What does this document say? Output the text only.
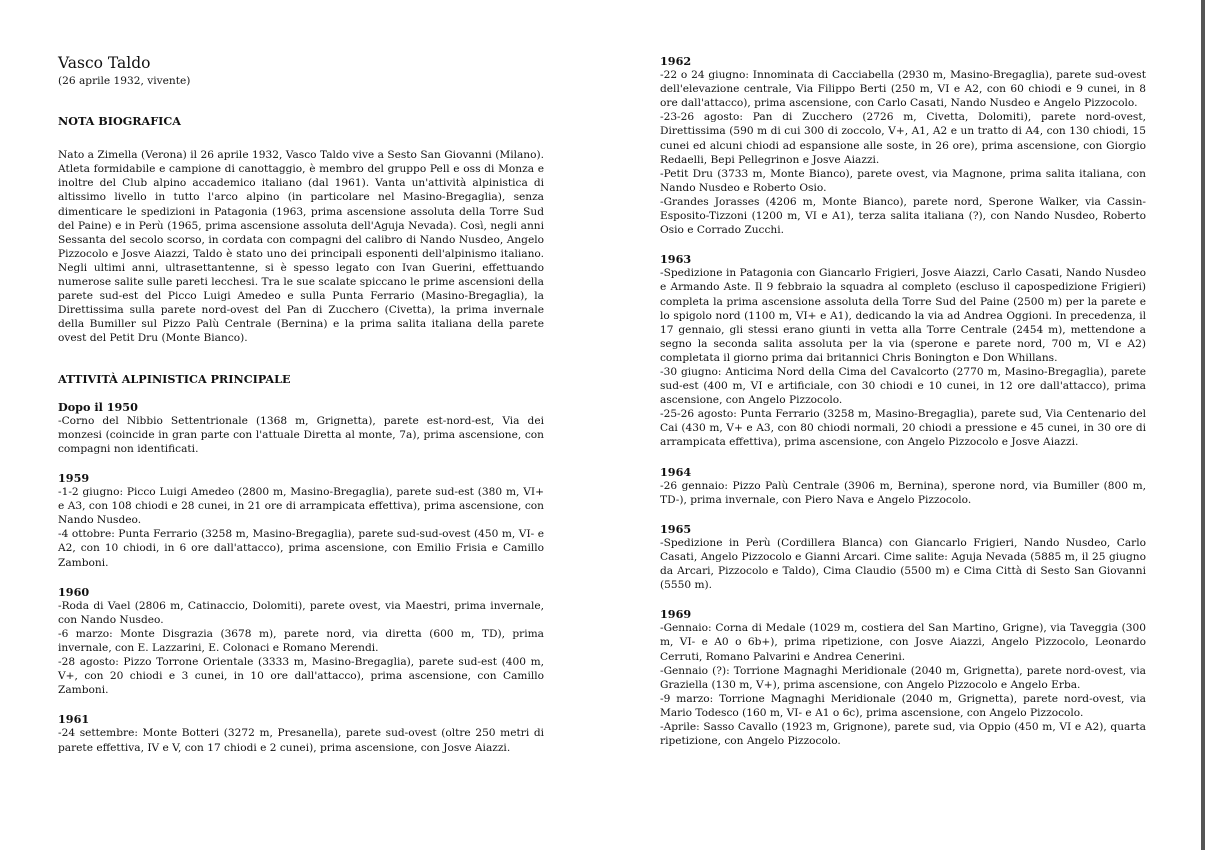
Vasco Taldo

(26 aprile 1932, vivente)

NOTA BIOGRAFICA

Nato a Zimella (Verona) il 26 aprile 1932, Vasco Taldo vive a Sesto San Giovanni (Milano). Atleta formidabile e campione di canottaggio, è membro del gruppo Pell e oss di Monza e inoltre del Club alpino accademico italiano (dal 1961). Vanta un'attività alpinistica di altissimo livello in tutto l'arco alpino (in particolare nel Masino-Bregaglia), senza dimenticare le spedizioni in Patagonia (1963, prima ascensione assoluta della Torre Sud del Paine) e in Perù (1965, prima ascensione assoluta dell'Aguja Nevada). Così, negli anni Sessanta del secolo scorso, in cordata con compagni del calibro di Nando Nusdeo, Angelo Pizzocolo e Josve Aiazzi, Taldo è stato uno dei principali esponenti dell'alpinismo italiano. Negli ultimi anni, ultrasettantenne, si è spesso legato con Ivan Guerini, effettuando numerose salite sulle pareti lecchesi. Tra le sue scalate spiccano le prime ascensioni della parete sud-est del Picco Luigi Amedeo e sulla Punta Ferrario (Masino-Bregaglia), la Direttissima sulla parete nord-ovest del Pan di Zucchero (Civetta), la prima invernale della Bumiller sul Pizzo Palù Centrale (Bernina) e la prima salita italiana della parete ovest del Petit Dru (Monte Bianco).

ATTIVITÀ ALPINISTICA PRINCIPALE

Dopo il 1950

-Corno del Nibbio Settentrionale (1368 m, Grignetta), parete est-nord-est, Via dei monzesi (coincide in gran parte con l'attuale Diretta al monte, 7a), prima ascensione, con compagni non identificati.

1959

-1-2 giugno: Picco Luigi Amedeo (2800 m, Masino-Bregaglia), parete sud-est (380 m, VI+ e A3, con 108 chiodi e 28 cunei, in 21 ore di arrampicata effettiva), prima ascensione, con Nando Nusdeo.

-4 ottobre: Punta Ferrario (3258 m, Masino-Bregaglia), parete sud-sud-ovest (450 m, VI- e A2, con 10 chiodi, in 6 ore dall'attacco), prima ascensione, con Emilio Frisia e Camillo Zamboni.

1960

-Roda di Vael (2806 m, Catinaccio, Dolomiti), parete ovest, via Maestri, prima invernale, con Nando Nusdeo.

-6 marzo: Monte Disgrazia (3678 m), parete nord, via diretta (600 m, TD), prima invernale, con E. Lazzarini, E. Colonaci e Romano Merendi.

-28 agosto: Pizzo Torrone Orientale (3333 m, Masino-Bregaglia), parete sud-est (400 m, V+, con 20 chiodi e 3 cunei, in 10 ore dall'attacco), prima ascensione, con Camillo Zamboni.

1961

-24 settembre: Monte Botteri (3272 m, Presanella), parete sud-ovest (oltre 250 metri di parete effettiva, IV e V, con 17 chiodi e 2 cunei), prima ascensione, con Josve Aiazzi.

1962

-22 o 24 giugno: Innominata di Cacciabella (2930 m, Masino-Bregaglia), parete sud-ovest dell'elevazione centrale, Via Filippo Berti (250 m, VI e A2, con 60 chiodi e 9 cunei, in 8 ore dall'attacco), prima ascensione, con Carlo Casati, Nando Nusdeo e Angelo Pizzocolo.

-23-26 agosto: Pan di Zucchero (2726 m, Civetta, Dolomiti), parete nord-ovest, Direttissima (590 m di cui 300 di zoccolo, V+, A1, A2 e un tratto di A4, con 130 chiodi, 15 cunei ed alcuni chiodi ad espansione alle soste, in 26 ore), prima ascensione, con Giorgio Redaelli, Bepi Pellegrinon e Josve Aiazzi.

-Petit Dru (3733 m, Monte Bianco), parete ovest, via Magnone, prima salita italiana, con Nando Nusdeo e Roberto Osio.

-Grandes Jorasses (4206 m, Monte Bianco), parete nord, Sperone Walker, via Cassin-Esposito-Tizzoni (1200 m, VI e A1), terza salita italiana (?), con Nando Nusdeo, Roberto Osio e Corrado Zucchi.

1963

-Spedizione in Patagonia con Giancarlo Frigieri, Josve Aiazzi, Carlo Casati, Nando Nusdeo e Armando Aste. Il 9 febbraio la squadra al completo (escluso il capospedizione Frigieri) completa la prima ascensione assoluta della Torre Sud del Paine (2500 m) per la parete e lo spigolo nord (1100 m, VI+ e A1), dedicando la via ad Andrea Oggioni. In precedenza, il 17 gennaio, gli stessi erano giunti in vetta alla Torre Centrale (2454 m), mettendone a segno la seconda salita assoluta per la via (sperone e parete nord, 700 m, VI e A2) completata il giorno prima dai britannici Chris Bonington e Don Whillans.

-30 giugno: Anticima Nord della Cima del Cavalcorto (2770 m, Masino-Bregaglia), parete sud-est (400 m, VI e artificiale, con 30 chiodi e 10 cunei, in 12 ore dall'attacco), prima ascensione, con Angelo Pizzocolo.

-25-26 agosto: Punta Ferrario (3258 m, Masino-Bregaglia), parete sud, Via Centenario del Cai (430 m, V+ e A3, con 80 chiodi normali, 20 chiodi a pressione e 45 cunei, in 30 ore di arrampicata effettiva), prima ascensione, con Angelo Pizzocolo e Josve Aiazzi.

1964

-26 gennaio: Pizzo Palù Centrale (3906 m, Bernina), sperone nord, via Bumiller (800 m, TD-), prima invernale, con Piero Nava e Angelo Pizzocolo.

1965

-Spedizione in Perù (Cordillera Blanca) con Giancarlo Frigieri, Nando Nusdeo, Carlo Casati, Angelo Pizzocolo e Gianni Arcari. Cime salite: Aguja Nevada (5885 m, il 25 giugno da Arcari, Pizzocolo e Taldo), Cima Claudio (5500 m) e Cima Città di Sesto San Giovanni (5550 m).

1969

-Gennaio: Corna di Medale (1029 m, costiera del San Martino, Grigne), via Taveggia (300 m, VI- e A0 o 6b+), prima ripetizione, con Josve Aiazzi, Angelo Pizzocolo, Leonardo Cerruti, Romano Palvarini e Andrea Cenerini.

-Gennaio (?): Torrione Magnaghi Meridionale (2040 m, Grignetta), parete nord-ovest, via Graziella (130 m, V+), prima ascensione, con Angelo Pizzocolo e Angelo Erba.

-9 marzo: Torrione Magnaghi Meridionale (2040 m, Grignetta), parete nord-ovest, via Mario Todesco (160 m, VI- e A1 o 6c), prima ascensione, con Angelo Pizzocolo.

-Aprile: Sasso Cavallo (1923 m, Grignone), parete sud, via Oppio (450 m, VI e A2), quarta ripetizione, con Angelo Pizzocolo.
